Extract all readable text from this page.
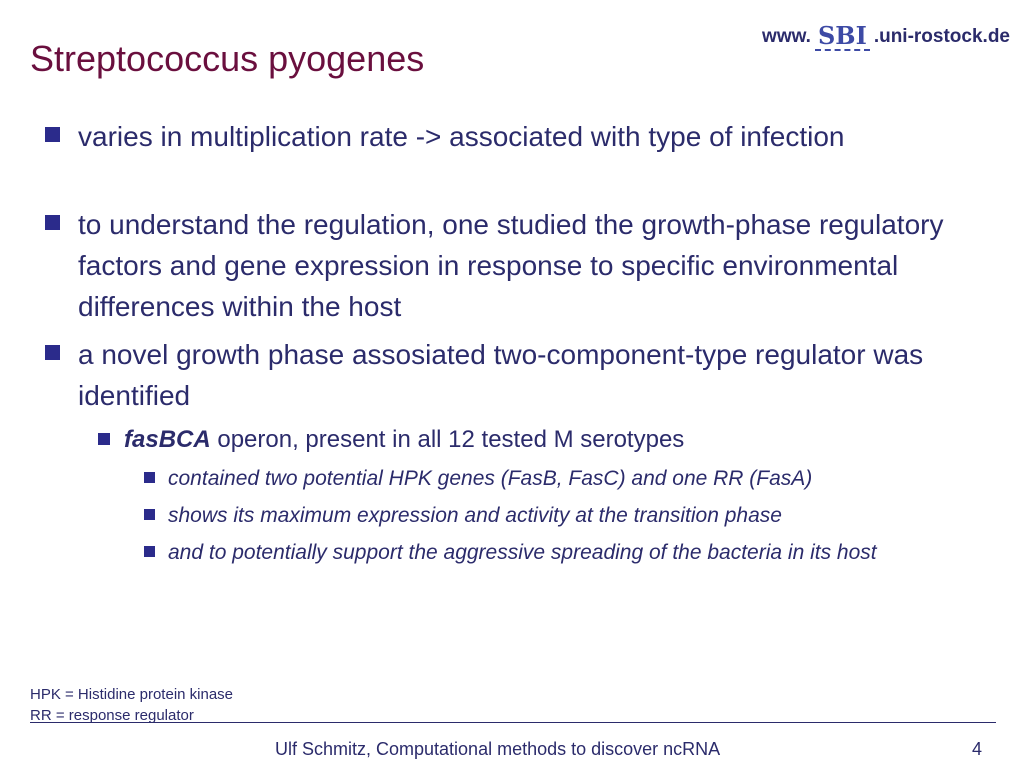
Streptococcus pyogenes
www. SBI .uni-rostock.de
varies in multiplication rate -> associated with type of infection
to understand the regulation, one studied the growth-phase regulatory factors and gene expression in response to specific environmental differences within the host
a novel growth phase assosiated two-component-type regulator was identified
fasBCA operon, present in all 12 tested M serotypes
contained two potential HPK genes (FasB, FasC) and one RR (FasA)
shows its maximum expression and activity at the transition phase
and to potentially support the aggressive spreading of the bacteria in its host
HPK = Histidine protein kinase
RR = response regulator
Ulf Schmitz, Computational methods to discover ncRNA	4
